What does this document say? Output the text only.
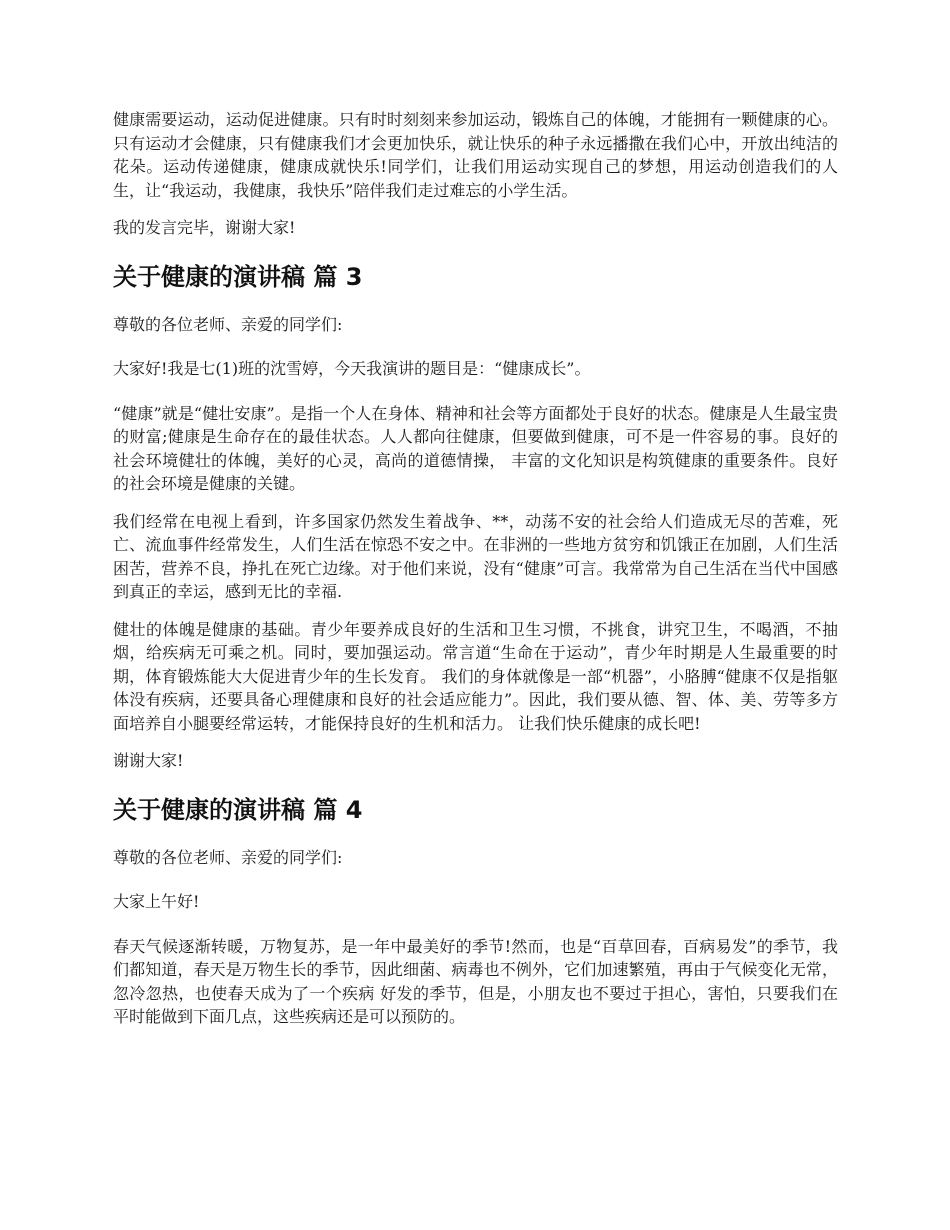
健康需要运动，运动促进健康。只有时时刻刻来参加运动，锻炼自己的体魄，才能拥有一颗健康的心。只有运动才会健康，只有健康我们才会更加快乐，就让快乐的种子永远播撒在我们心中，开放出纯洁的花朵。运动传递健康，健康成就快乐!同学们，让我们用运动实现自己的梦想，用运动创造我们的人生，让“我运动，我健康，我快乐”陪伴我们走过难忘的小学生活。

我的发言完毕，谢谢大家!

关于健康的演讲稿 篇 3

尊敬的各位老师、亲爱的同学们:

大家好!我是七(1)班的沈雪婷，今天我演讲的题目是：“健康成长”。

“健康”就是“健壮安康”。是指一个人在身体、精神和社会等方面都处于良好的状态。健康是人生最宝贵的财富;健康是生命存在的最佳状态。人人都向往健康，但要做到健康，可不是一件容易的事。良好的社会环境健壮的体魄，美好的心灵，高尚的道德情操， 丰富的文化知识是构筑健康的重要条件。良好的社会环境是健康的关键。

我们经常在电视上看到，许多国家仍然发生着战争、**，动荡不安的社会给人们造成无尽的苦难，死亡、流血事件经常发生，人们生活在惊恐不安之中。在非洲的一些地方贫穷和饥饿正在加剧，人们生活困苦，营养不良，挣扎在死亡边缘。对于他们来说，没有“健康”可言。我常常为自己生活在当代中国感到真正的幸运，感到无比的幸福.

健壮的体魄是健康的基础。青少年要养成良好的生活和卫生习惯，不挑食，讲究卫生，不喝酒，不抽烟，给疾病无可乘之机。同时，要加强运动。常言道“生命在于运动”，青少年时期是人生最重要的时期，体育锻炼能大大促进青少年的生长发育。 我们的身体就像是一部“机器”，小胳膊“健康不仅是指躯体没有疾病，还要具备心理健康和良好的社会适应能力”。因此，我们要从德、智、体、美、劳等多方面培养自小腿要经常运转，才能保持良好的生机和活力。 让我们快乐健康的成长吧!

谢谢大家!

关于健康的演讲稿 篇 4

尊敬的各位老师、亲爱的同学们:

大家上午好!

春天气候逐渐转暖，万物复苏，是一年中最美好的季节!然而，也是“百草回春，百病易发”的季节，我们都知道，春天是万物生长的季节，因此细菌、病毒也不例外，它们加速繁殖，再由于气候变化无常，忽冷忽热，也使春天成为了一个疾病 好发的季节，但是，小朋友也不要过于担心，害怕，只要我们在平时能做到下面几点，这些疾病还是可以预防的。
